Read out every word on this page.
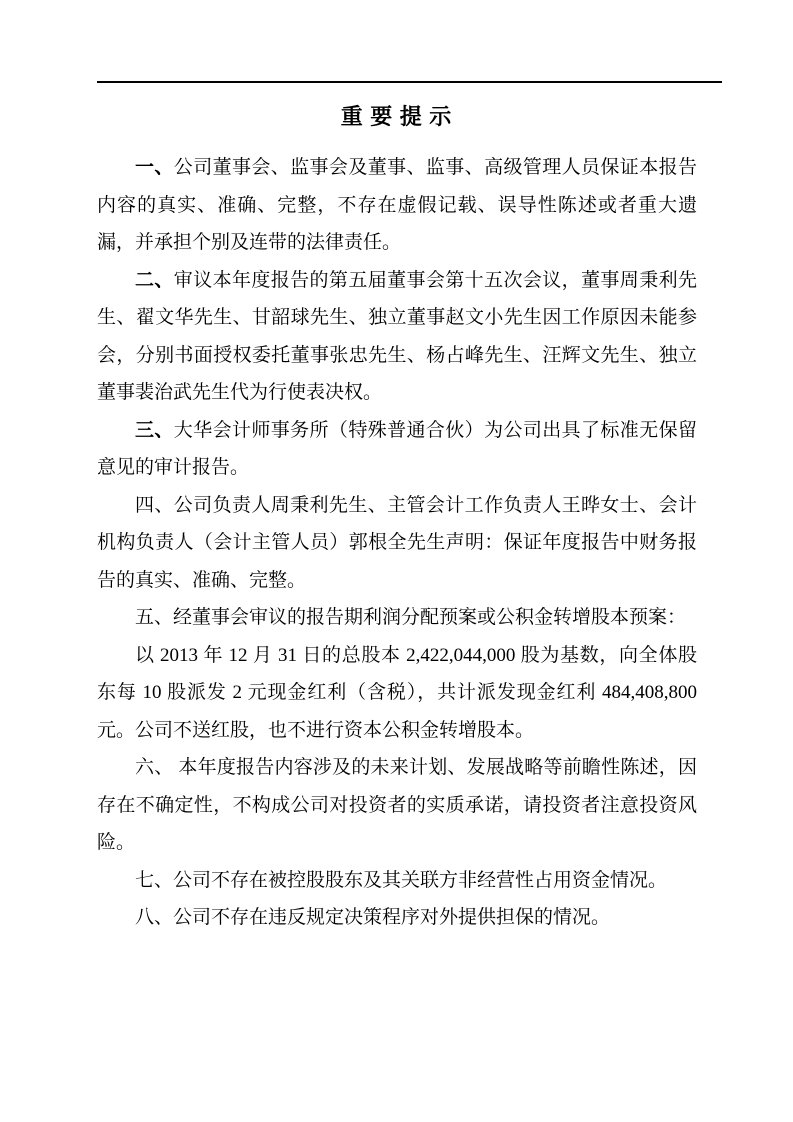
重 要 提 示

一、公司董事会、监事会及董事、监事、高级管理人员保证本报告内容的真实、准确、完整，不存在虚假记载、误导性陈述或者重大遗漏，并承担个别及连带的法律责任。

二、审议本年度报告的第五届董事会第十五次会议，董事周秉利先生、翟文华先生、甘韶球先生、独立董事赵文小先生因工作原因未能参会，分别书面授权委托董事张忠先生、杨占峰先生、汪辉文先生、独立董事裴治武先生代为行使表决权。

三、大华会计师事务所（特殊普通合伙）为公司出具了标准无保留意见的审计报告。

四、公司负责人周秉利先生、主管会计工作负责人王晔女士、会计机构负责人（会计主管人员）郭根全先生声明：保证年度报告中财务报告的真实、准确、完整。

五、经董事会审议的报告期利润分配预案或公积金转增股本预案：

以 2013 年 12 月 31 日的总股本 2,422,044,000 股为基数，向全体股东每 10 股派发 2 元现金红利（含税），共计派发现金红利 484,408,800 元。公司不送红股，也不进行资本公积金转增股本。

六、 本年度报告内容涉及的未来计划、发展战略等前瞻性陈述，因存在不确定性，不构成公司对投资者的实质承诺，请投资者注意投资风险。

七、公司不存在被控股股东及其关联方非经营性占用资金情况。

八、公司不存在违反规定决策程序对外提供担保的情况。
